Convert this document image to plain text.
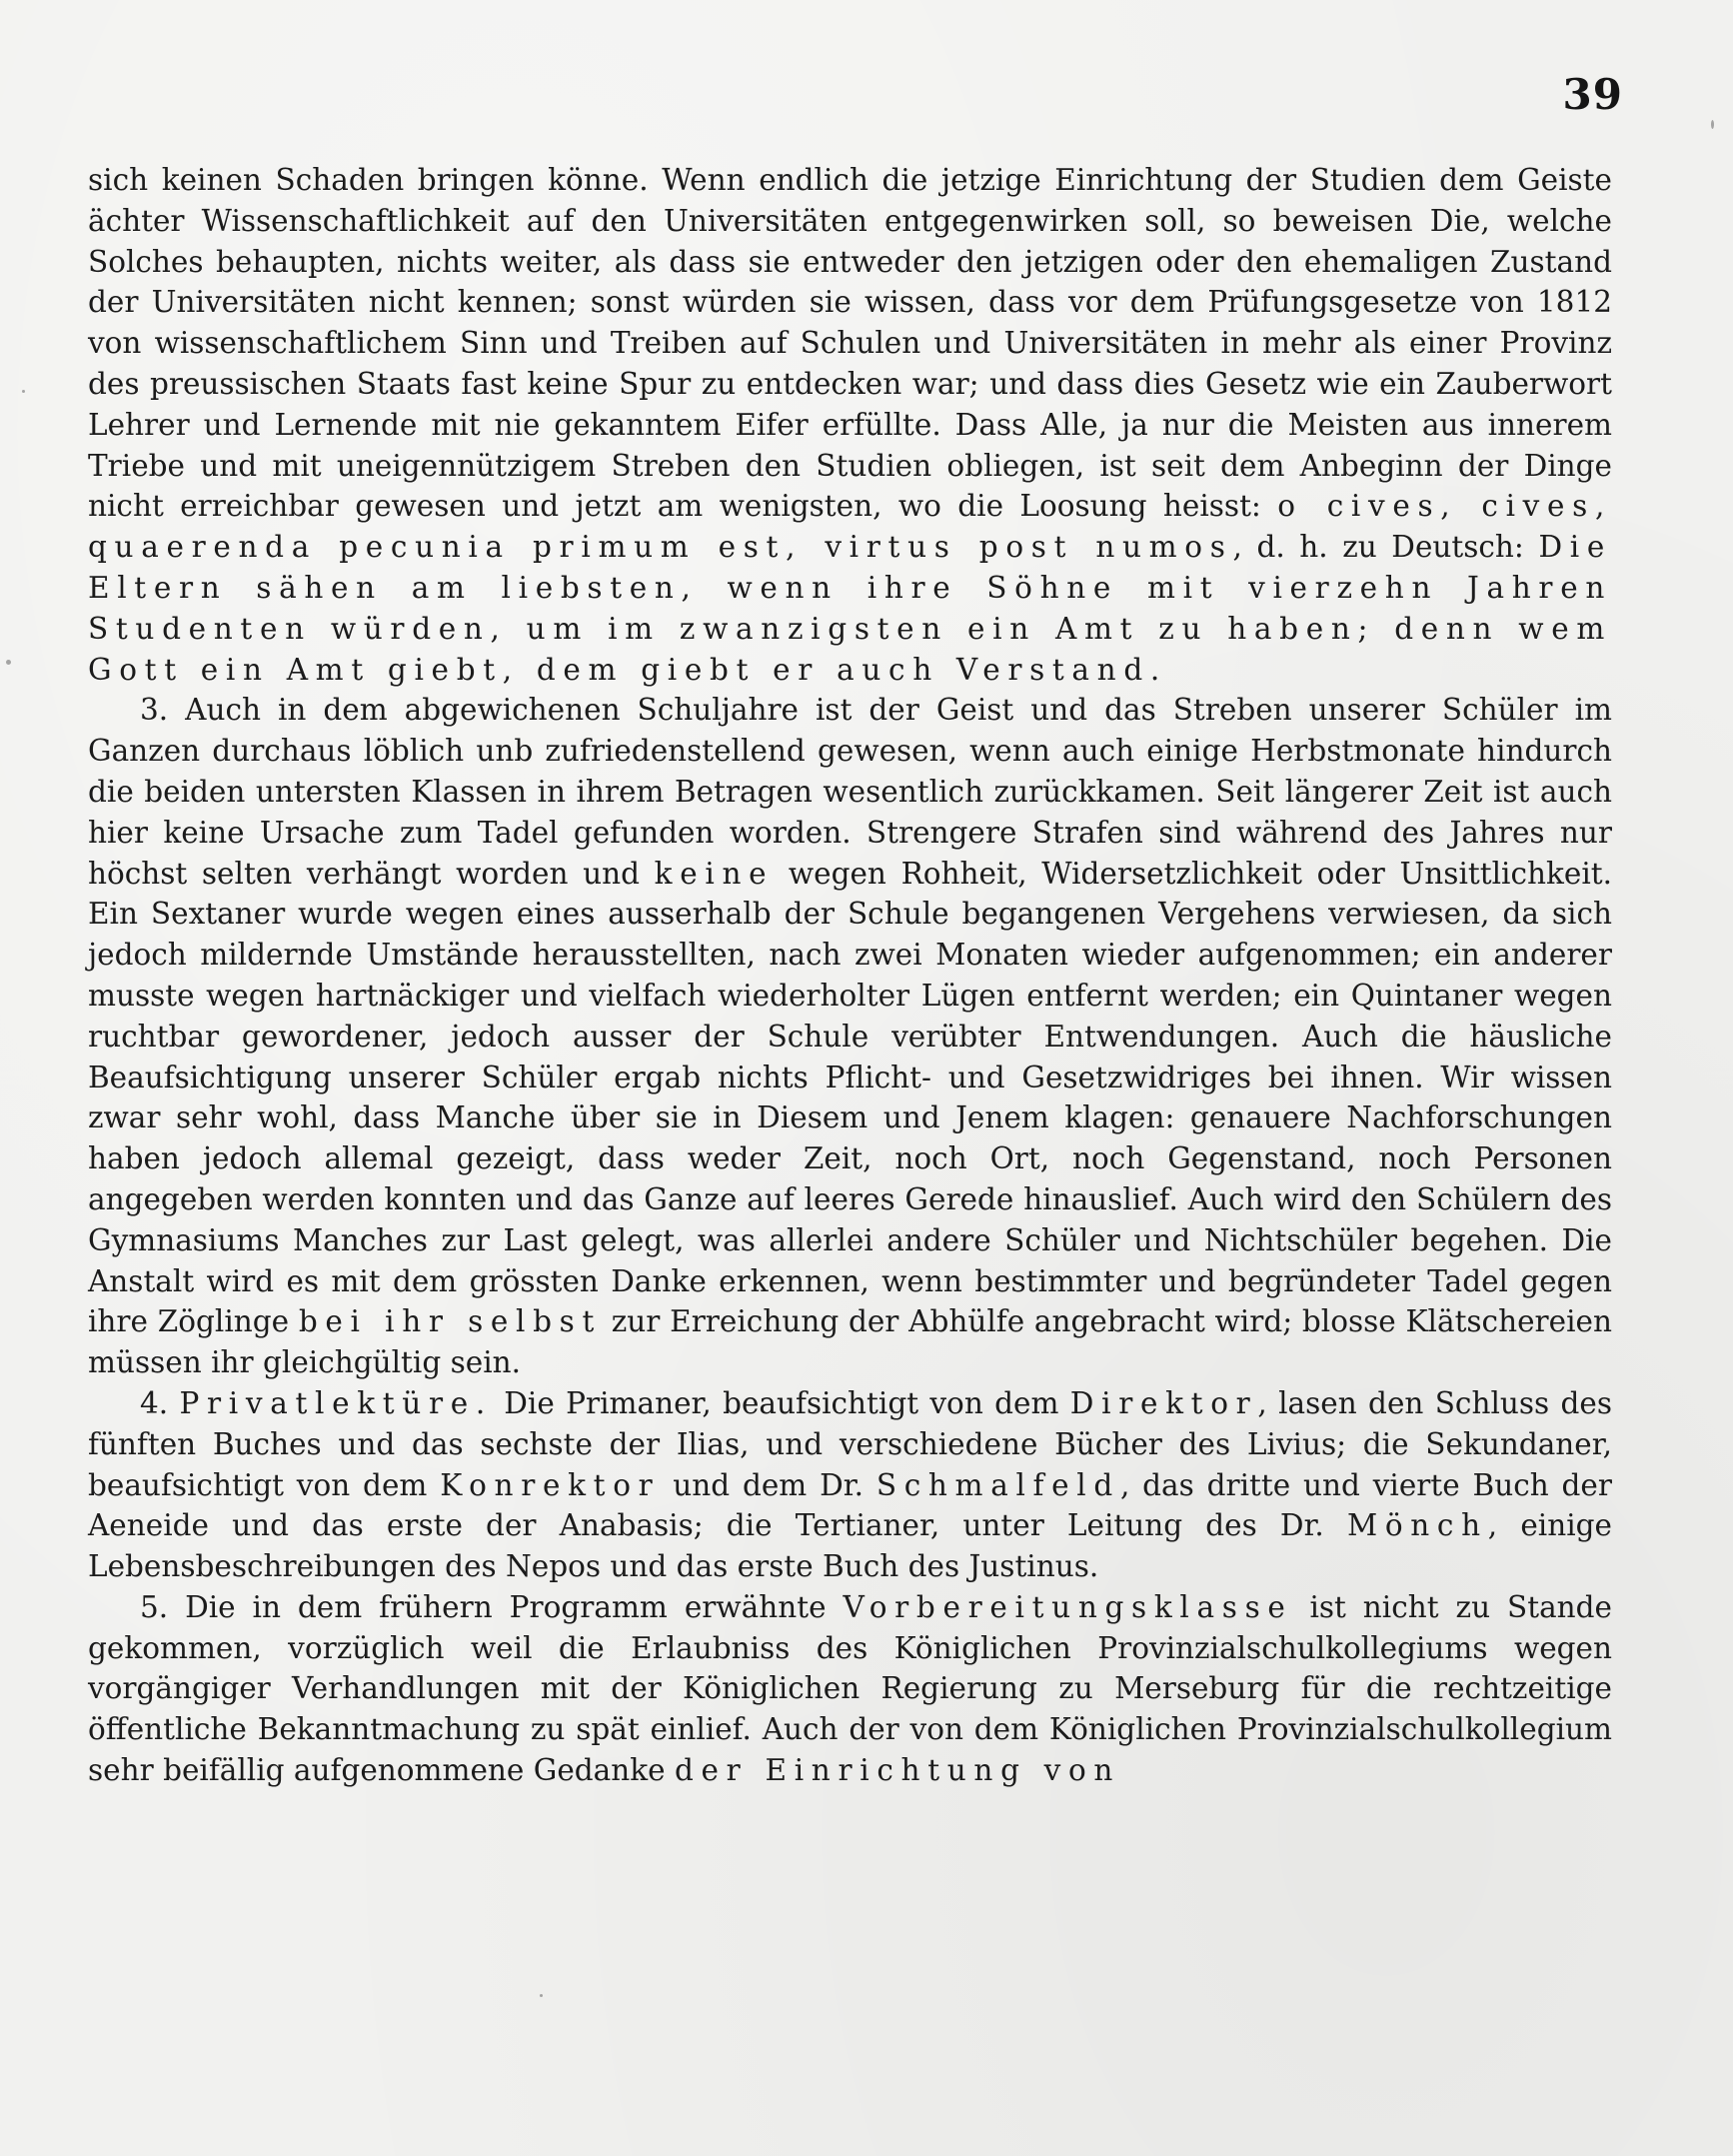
39

sich keinen Schaden bringen könne. Wenn endlich die jetzige Einrichtung der Studien dem Geiste ächter Wissenschaftlichkeit auf den Universitäten entgegenwirken soll, so beweisen Die, welche Solches behaupten, nichts weiter, als dass sie entweder den jetzigen oder den ehemaligen Zustand der Universitäten nicht kennen; sonst würden sie wissen, dass vor dem Prüfungsgesetze von 1812 von wissenschaftlichem Sinn und Treiben auf Schulen und Universitäten in mehr als einer Provinz des preussischen Staats fast keine Spur zu entdecken war; und dass dies Gesetz wie ein Zauberwort Lehrer und Lernende mit nie gekanntem Eifer erfüllte. Dass Alle, ja nur die Meisten aus innerem Triebe und mit uneigennützigem Streben den Studien obliegen, ist seit dem Anbeginn der Dinge nicht erreichbar gewesen und jetzt am wenigsten, wo die Loosung heisst: o cives, cives, quaerenda pecunia primum est, virtus post numos, d. h. zu Deutsch: Die Eltern sähen am liebsten, wenn ihre Söhne mit vierzehn Jahren Studenten würden, um im zwanzigsten ein Amt zu haben; denn wem Gott ein Amt giebt, dem giebt er auch Verstand.

3. Auch in dem abgewichenen Schuljahre ist der Geist und das Streben unserer Schüler im Ganzen durchaus löblich unb zufriedenstellend gewesen, wenn auch einige Herbstmonate hindurch die beiden untersten Klassen in ihrem Betragen wesentlich zurückkamen. Seit längerer Zeit ist auch hier keine Ursache zum Tadel gefunden worden. Strengere Strafen sind während des Jahres nur höchst selten verhängt worden und keine wegen Rohheit, Widersetzlichkeit oder Unsittlichkeit. Ein Sextaner wurde wegen eines ausserhalb der Schule begangenen Vergehens verwiesen, da sich jedoch mildernde Umstände herausstellten, nach zwei Monaten wieder aufgenommen; ein anderer musste wegen hartnäckiger und vielfach wiederholter Lügen entfernt werden; ein Quintaner wegen ruchtbar gewordener, jedoch ausser der Schule verübter Entwendungen. Auch die häusliche Beaufsichtigung unserer Schüler ergab nichts Pflicht- und Gesetzwidriges bei ihnen. Wir wissen zwar sehr wohl, dass Manche über sie in Diesem und Jenem klagen: genauere Nachforschungen haben jedoch allemal gezeigt, dass weder Zeit, noch Ort, noch Gegenstand, noch Personen angegeben werden konnten und das Ganze auf leeres Gerede hinauslief. Auch wird den Schülern des Gymnasiums Manches zur Last gelegt, was allerlei andere Schüler und Nichtschüler begehen. Die Anstalt wird es mit dem grössten Danke erkennen, wenn bestimmter und begründeter Tadel gegen ihre Zöglinge bei ihr selbst zur Erreichung der Abhülfe angebracht wird; blosse Klätschereien müssen ihr gleichgültig sein.

4. Privatlektüre. Die Primaner, beaufsichtigt von dem Direktor, lasen den Schluss des fünften Buches und das sechste der Ilias, und verschiedene Bücher des Livius; die Sekundaner, beaufsichtigt von dem Konrektor und dem Dr. Schmalfeld, das dritte und vierte Buch der Aeneide und das erste der Anabasis; die Tertianer, unter Leitung des Dr. Mönch, einige Lebensbeschreibungen des Nepos und das erste Buch des Justinus.

5. Die in dem frühern Programm erwähnte Vorbereitungsklasse ist nicht zu Stande gekommen, vorzüglich weil die Erlaubniss des Königlichen Provinzialschulkollegiums wegen vorgängiger Verhandlungen mit der Königlichen Regierung zu Merseburg für die rechtzeitige öffentliche Bekanntmachung zu spät einlief. Auch der von dem Königlichen Provinzialschulkollegium sehr beifällig aufgenommene Gedanke der Einrichtung von
